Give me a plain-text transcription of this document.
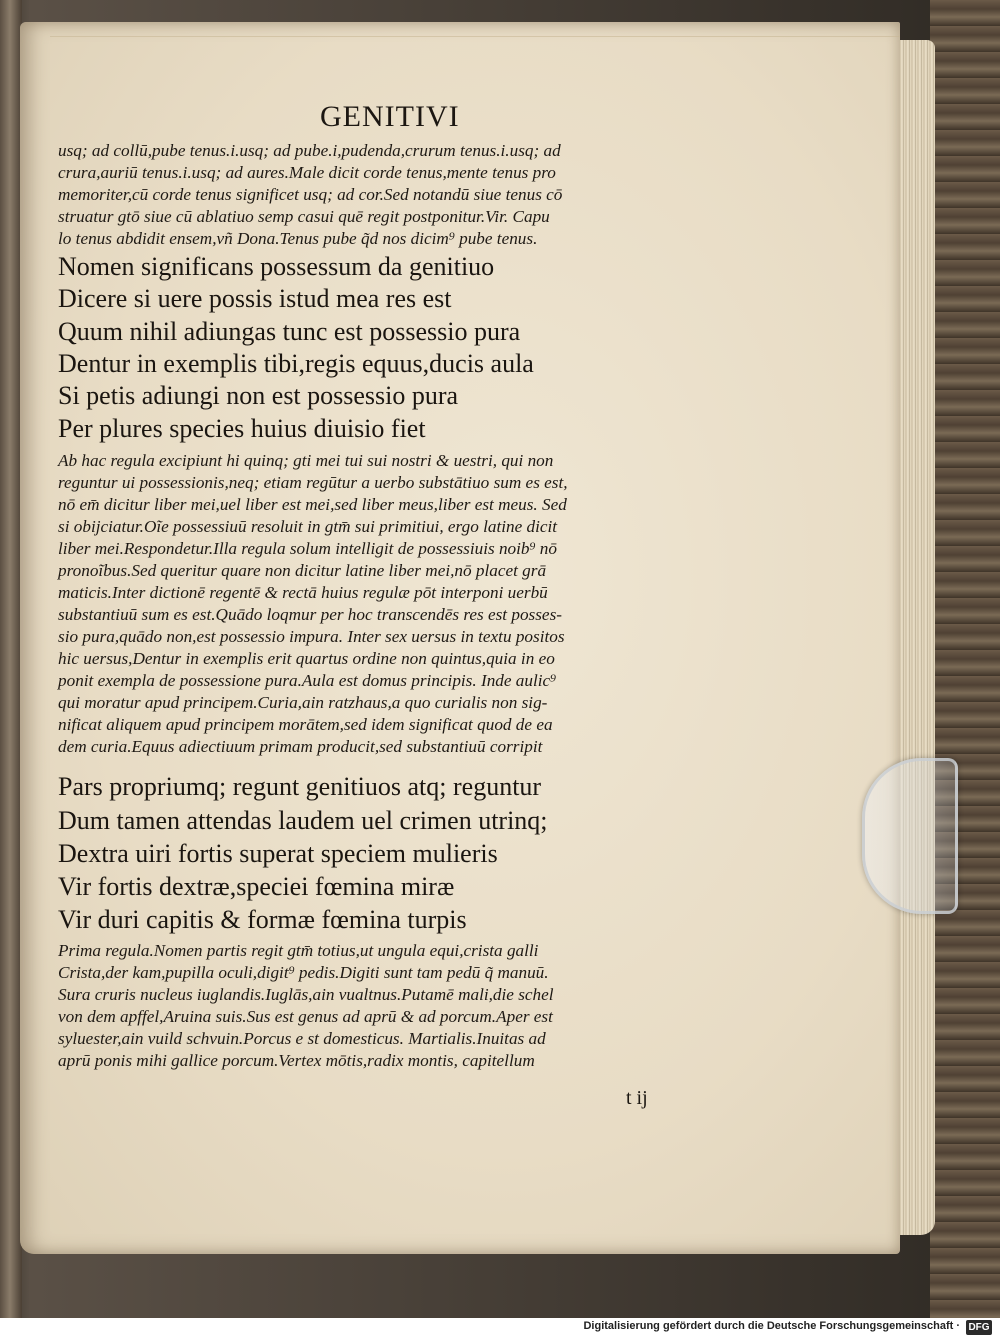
GENITIVI
usq; ad collū,pube tenus.i.usq; ad pube.i,pudenda,crurum tenus.i.usq; ad
crura,auriū tenus.i.usq; ad aures.Male dicit corde tenus,mente tenus pro
memoriter,cū corde tenus significet usq; ad cor.Sed notandū siue tenus cō
struatur gtō siue cū ablatiuo semp casui quē regit postponitur.Vir. Capu
lo tenus abdidit ensem,vñ Dona.Tenus pube q̃d nos dicim⁹ pube tenus.
Nomen significans possessum da genitiuo
Dicere si uere possis istud mea res est
Quum nihil adiungas tunc est possessio pura
Dentur in exemplis tibi,regis equus,ducis aula
Si petis adiungi non est possessio pura
Per plures species huius diuisio fiet
Ab hac regula excipiunt hi quinq; gti mei tui sui nostri & uestri, qui non
reguntur ui possessionis,neq; etiam regūtur a uerbo substātiuo sum es est,
nō em̄ dicitur liber mei,uel liber est mei,sed liber meus,liber est meus. Sed
si obijciatur.Oĩe possessiuū resoluit in gtm̄ sui primitiui, ergo latine dicit
liber mei.Respondetur.Illa regula solum intelligit de possessiuis noib⁹ nō
pronoĩbus.Sed queritur quare non dicitur latine liber mei,nō placet grā
maticis.Inter dictionē regentē & rectā huius regulæ pōt interponi uerbū
substantiuū sum es est.Quādo loqmur per hoc transcendēs res est posses-
sio pura,quādo non,est possessio impura. Inter sex uersus in textu positos
hic uersus,Dentur in exemplis erit quartus ordine non quintus,quia in eo
ponit exempla de possessione pura.Aula est domus principis. Inde aulic⁹
qui moratur apud principem.Curia,ain ratzhaus,a quo curialis non sig-
nificat aliquem apud principem morātem,sed idem significat quod de ea
dem curia.Equus adiectiuum primam producit,sed substantiuū corripit
Pars propriumq; regunt genitiuos atq; reguntur
Dum tamen attendas laudem uel crimen utrinq;
Dextra uiri fortis superat speciem mulieris
Vir fortis dextræ,speciei fœmina miræ
Vir duri capitis & formæ fœmina turpis
Prima regula.Nomen partis regit gtm̄ totius,ut ungula equi,crista galli
Crista,der kam,pupilla oculi,digit⁹ pedis.Digiti sunt tam pedū q̃ manuū.
Sura cruris nucleus iuglandis.Iuglās,ain vualtnus.Putamē mali,die schel
von dem apffel,Aruina suis.Sus est genus ad aprū & ad porcum.Aper est
syluester,ain vuild schvuin.Porcus e st domesticus. Martialis.Inuitas ad
aprū ponis mihi gallice porcum.Vertex mōtis,radix montis, capitellum
t ij
Digitalisierung gefördert durch die Deutsche Forschungsgemeinschaft · DFG
